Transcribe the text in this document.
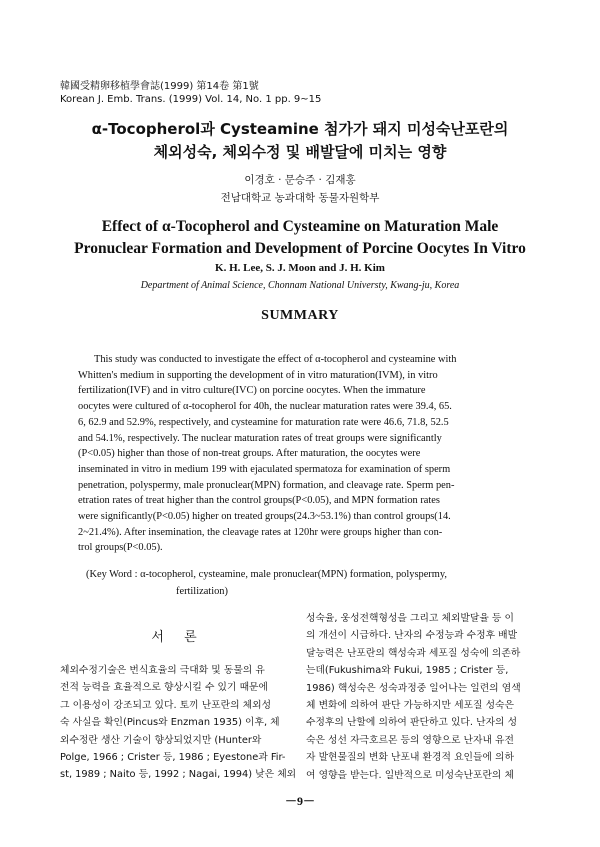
韓國受精卵移植學會誌(1999) 第14卷 第1號
Korean J. Emb. Trans. (1999) Vol. 14, No. 1 pp. 9~15
α-Tocopherol과 Cysteamine 첨가가 돼지 미성숙난포란의
체외성숙, 체외수정 및 배발달에 미치는 영향
이경호 · 문승주 · 김재홍
전남대학교 농과대학 동물자원학부
Effect of α-Tocopherol and Cysteamine on Maturation Male
Pronuclear Formation and Development of Porcine Oocytes In Vitro
K. H. Lee, S. J. Moon and J. H. Kim
Department of Animal Science, Chonnam National Universty, Kwang-ju, Korea
SUMMARY
This study was conducted to investigate the effect of α-tocopherol and cysteamine with
Whitten's medium in supporting the development of in vitro maturation(IVM), in vitro
fertilization(IVF) and in vitro culture(IVC) on porcine oocytes. When the immature
oocytes were cultured of α-tocopherol for 40h, the nuclear maturation rates were 39.4, 65.
6, 62.9 and 52.9%, respectively, and cysteamine for maturation rate were 46.6, 71.8, 52.5
and 54.1%, respectively. The nuclear maturation rates of treat groups were significantly
(P<0.05) higher than those of non-treat groups. After maturation, the oocytes were
inseminated in vitro in medium 199 with ejaculated spermatoza for examination of sperm
penetration, polyspermy, male pronuclear(MPN) formation, and cleavage rate. Sperm pen-
etration rates of treat higher than the control groups(P<0.05), and MPN formation rates
were significantly(P<0.05) higher on treated groups(24.3~53.1%) than control groups(14.
2~21.4%). After insemination, the cleavage rates at 120hr were groups higher than con-
trol groups(P<0.05).
(Key Word : α-tocopherol, cysteamine, male pronuclear(MPN) formation, polyspermy,
fertilization)
서 론
체외수정기술은 번식효율의 극대화 및 동물의 유
전적 능력을 효율적으로 향상시킬 수 있기 때문에
그 이용성이 강조되고 있다. 토끼 난포란의 체외성
숙 사실을 확인(Pincus와 Enzman 1935) 이후, 체
외수정란 생산 기술이 향상되었지만 (Hunter와
Polge, 1966 ; Crister 등, 1986 ; Eyestone과 Fir-
st, 1989 ; Naito 등, 1992 ; Nagai, 1994) 낮은 체외
성숙율, 웅성전핵형성을 그리고 체외발달율 등 이
의 개선이 시급하다. 난자의 수정능과 수정후 배발
달능력은 난포란의 핵성숙과 세포질 성숙에 의존하
는데(Fukushima와 Fukui, 1985 ; Crister 등,
1986) 핵성숙은 성숙과정중 일어나는 일련의 염색
체 변화에 의하여 판단 가능하지만 세포질 성숙은
수정후의 난할에 의하여 판단하고 있다. 난자의 성
숙은 성선 자극호르몬 등의 영향으로 난자내 유전
자 발현물질의 변화 난포내 환경적 요인들에 의하
여 영향을 받는다. 일반적으로 미성숙난포란의 체
－9－
